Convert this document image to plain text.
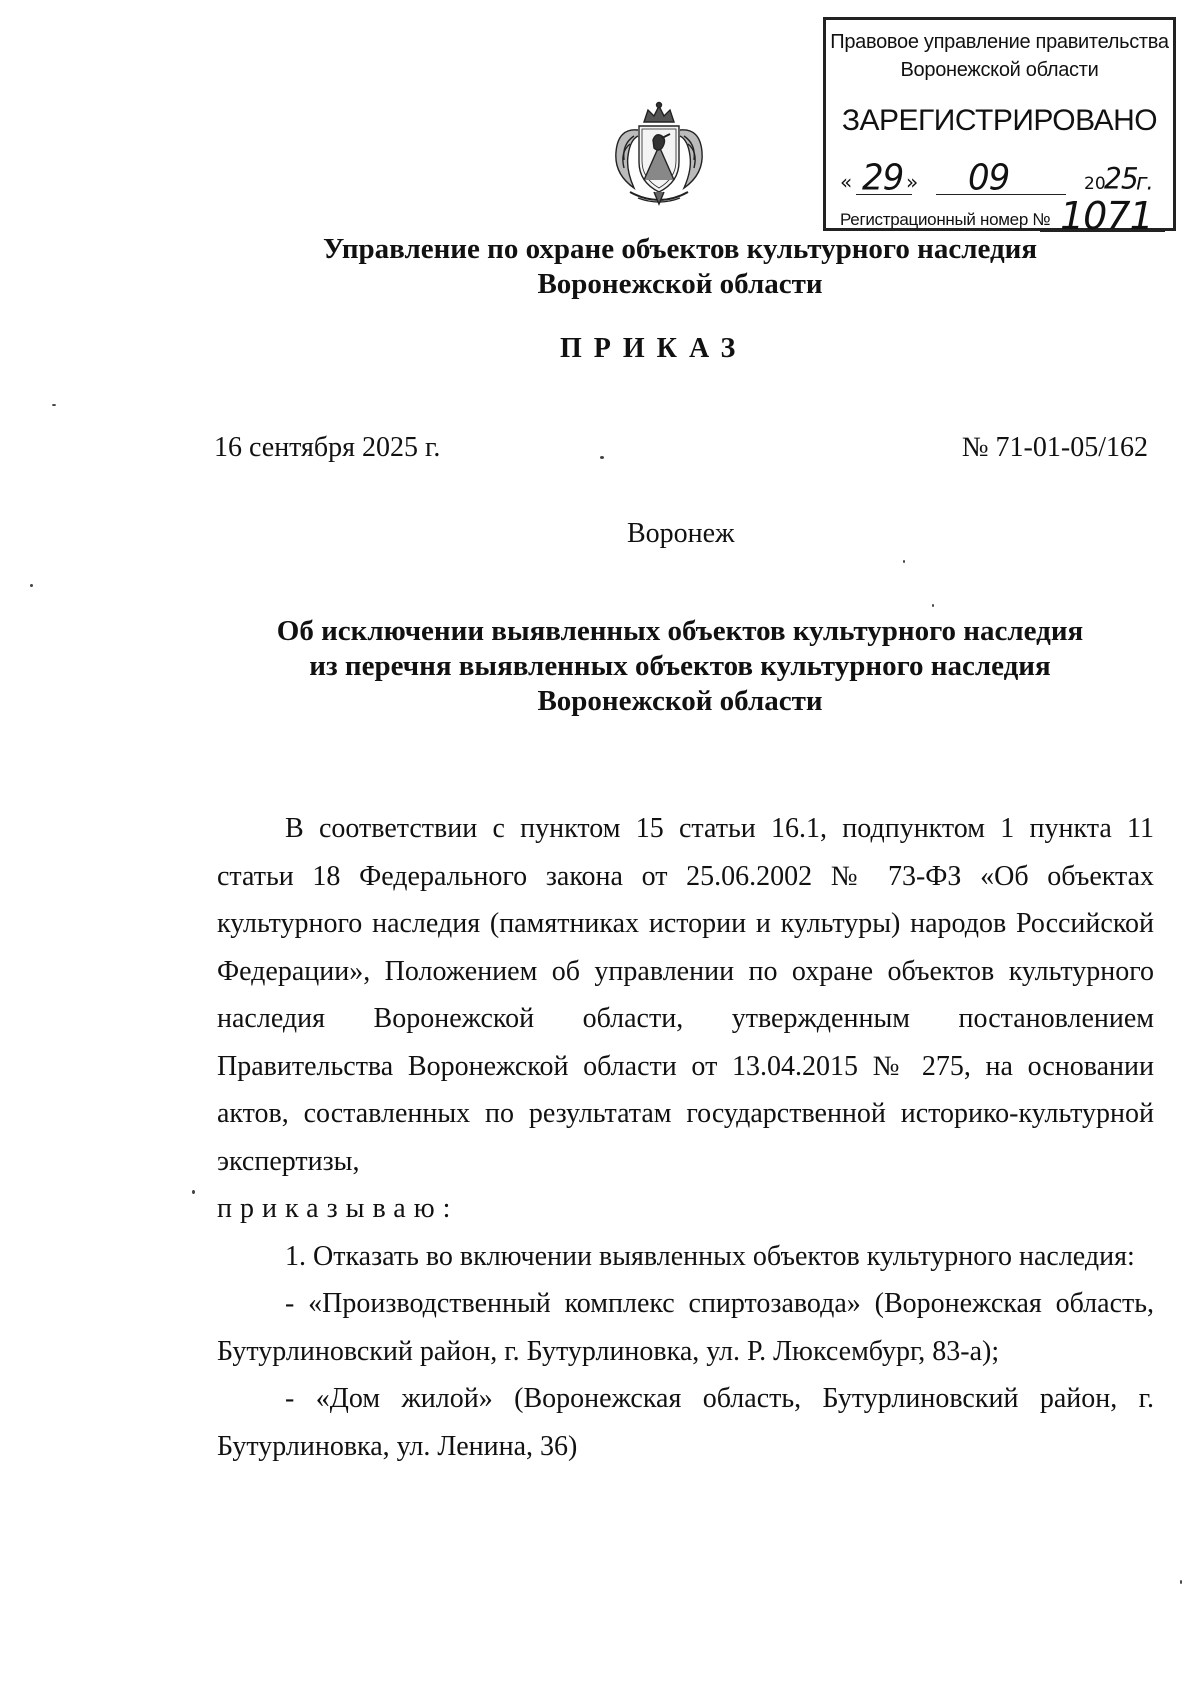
Правовое управление правительства
Воронежской области
ЗАРЕГИСТРИРОВАНО
« 29 » 09	20
25
г.
Регистрационный номер № 1071
Управление по охране объектов культурного наследия
Воронежской области
ПРИКАЗ
16 сентября 2025 г.	№ 71-01-05/162
Воронеж
Об исключении выявленных объектов культурного наследия
из перечня выявленных объектов культурного наследия
Воронежской области

В соответствии с пунктом 15 статьи 16.1, подпунктом 1 пункта 11 статьи 18 Федерального закона от 25.06.2002 № 73-ФЗ «Об объектах культурного наследия (памятниках истории и культуры) народов Российской Федерации», Положением об управлении по охране объектов культурного наследия Воронежской области, утвержденным постановлением Правительства Воронежской области от 13.04.2015 № 275, на основании актов, составленных по результатам государственной историко-культурной экспертизы,

приказываю:

1. Отказать во включении выявленных объектов культурного наследия:

- «Производственный комплекс спиртозавода» (Воронежская область, Бутурлиновский район, г. Бутурлиновка, ул. Р. Люксембург, 83-а);

- «Дом жилой» (Воронежская область, Бутурлиновский район, г. Бутурлиновка, ул. Ленина, 36)
